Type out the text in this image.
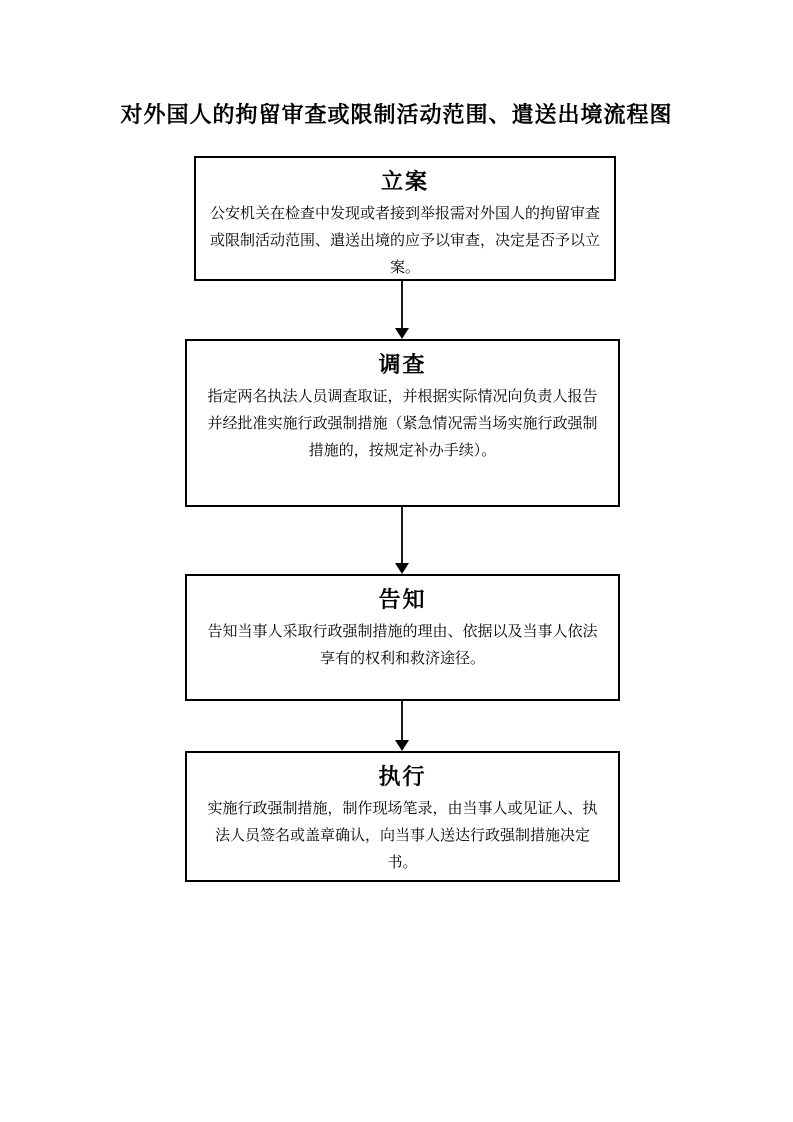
对外国人的拘留审查或限制活动范围、遣送出境流程图
立案
公安机关在检查中发现或者接到举报需对外国人的拘留审查或限制活动范围、遣送出境的应予以审查，决定是否予以立案。
调查
指定两名执法人员调查取证，并根据实际情况向负责人报告并经批准实施行政强制措施（紧急情况需当场实施行政强制措施的，按规定补办手续）。
告知
告知当事人采取行政强制措施的理由、依据以及当事人依法享有的权利和救济途径。
执行
实施行政强制措施，制作现场笔录，由当事人或见证人、执法人员签名或盖章确认，向当事人送达行政强制措施决定书。
